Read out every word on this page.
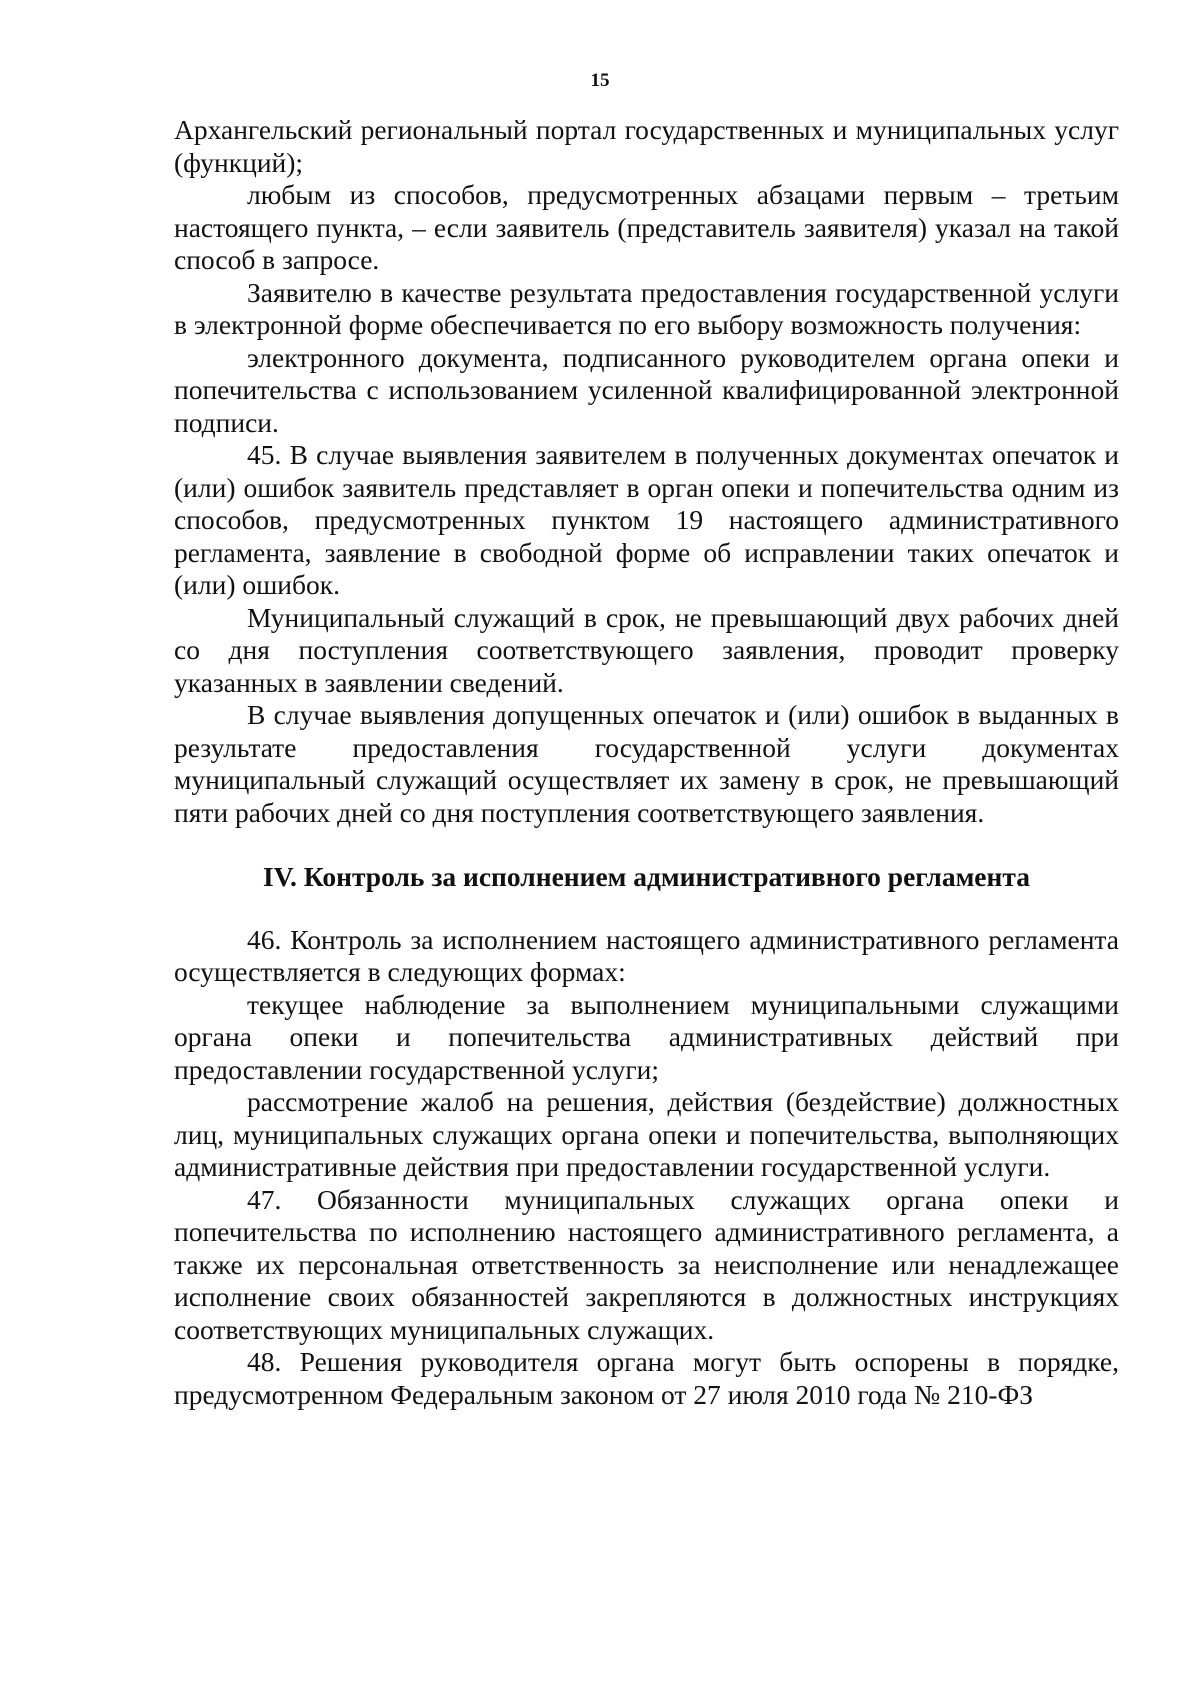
15

Архангельский региональный портал государственных и муниципальных услуг (функций);

любым из способов, предусмотренных абзацами первым – третьим настоящего пункта, – если заявитель (представитель заявителя) указал на такой способ в запросе.

Заявителю в качестве результата предоставления государственной услуги в электронной форме обеспечивается по его выбору возможность получения:

электронного документа, подписанного руководителем органа опеки и попечительства с использованием усиленной квалифицированной электронной подписи.

45. В случае выявления заявителем в полученных документах опечаток и (или) ошибок заявитель представляет в орган опеки и попечительства одним из способов, предусмотренных пунктом 19 настоящего административного регламента, заявление в свободной форме об исправлении таких опечаток и (или) ошибок.

Муниципальный служащий в срок, не превышающий двух рабочих дней со дня поступления соответствующего заявления, проводит проверку указанных в заявлении сведений.

В случае выявления допущенных опечаток и (или) ошибок в выданных в результате предоставления государственной услуги документах муниципальный служащий осуществляет их замену в срок, не превышающий пяти рабочих дней со дня поступления соответствующего заявления.

IV. Контроль за исполнением административного регламента

46. Контроль за исполнением настоящего административного регламента осуществляется в следующих формах:

текущее наблюдение за выполнением муниципальными служащими органа опеки и попечительства административных действий при предоставлении государственной услуги;

рассмотрение жалоб на решения, действия (бездействие) должностных лиц, муниципальных служащих органа опеки и попечительства, выполняющих административные действия при предоставлении государственной услуги.

47. Обязанности муниципальных служащих органа опеки и попечительства по исполнению настоящего административного регламента, а также их персональная ответственность за неисполнение или ненадлежащее исполнение своих обязанностей закрепляются в должностных инструкциях соответствующих муниципальных служащих.

48. Решения руководителя органа могут быть оспорены в порядке, предусмотренном Федеральным законом от 27 июля 2010 года № 210-ФЗ
